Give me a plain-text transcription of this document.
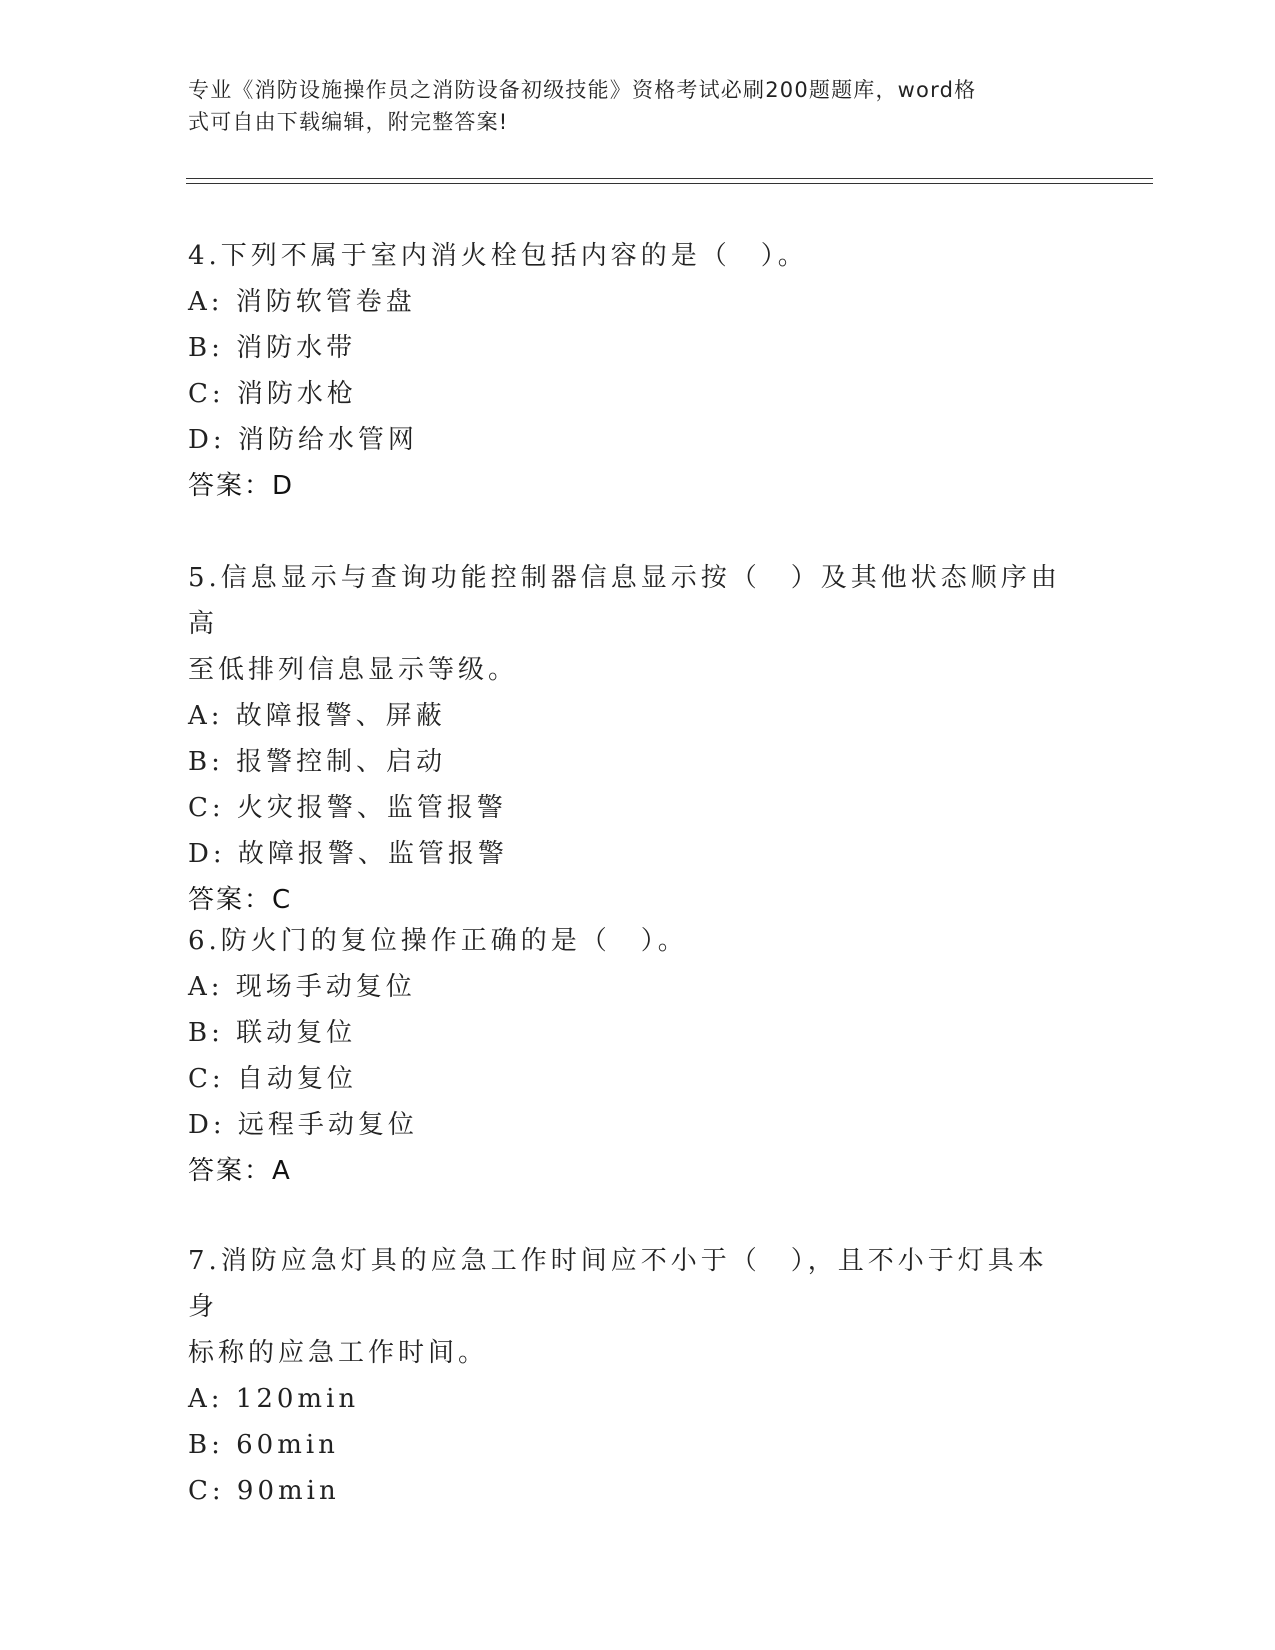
专业《消防设施操作员之消防设备初级技能》资格考试必刷200题题库，word格
式可自由下载编辑，附完整答案!

4.下列不属于室内消火栓包括内容的是（　）。

A: 消防软管卷盘

B: 消防水带

C: 消防水枪

D: 消防给水管网

答案：D

5.信息显示与查询功能控制器信息显示按（　）及其他状态顺序由高

至低排列信息显示等级。

A: 故障报警、屏蔽

B: 报警控制、启动

C: 火灾报警、监管报警

D: 故障报警、监管报警

答案：C

6.防火门的复位操作正确的是（　）。

A: 现场手动复位

B: 联动复位

C: 自动复位

D: 远程手动复位

答案：A

7.消防应急灯具的应急工作时间应不小于（　），且不小于灯具本身

标称的应急工作时间。

A: 120min

B: 60min

C: 90min
